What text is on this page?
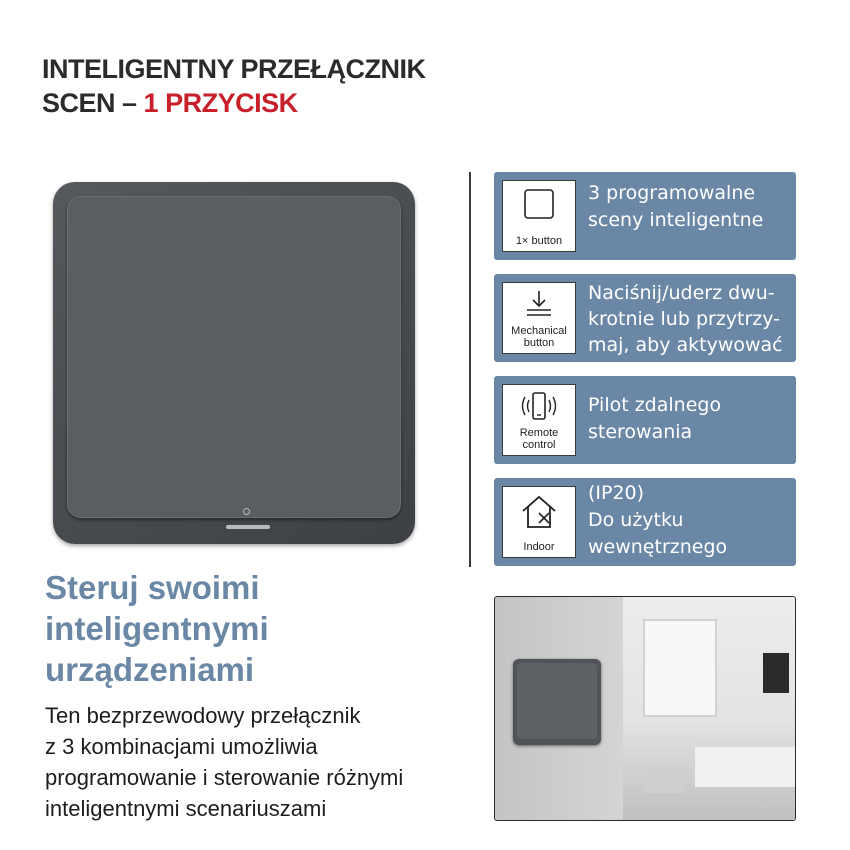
INTELIGENTNY PRZEŁĄCZNIK
SCEN – 1 PRZYCISK
1× button
3 programowalne
sceny inteligentne
Mechanical
button
Naciśnij/uderz dwu-
krotnie lub przytrzy-
maj, aby aktywować
Remote
control
Pilot zdalnego
sterowania
Indoor
(IP20)
Do użytku
wewnętrznego
Steruj swoimi
inteligentnymi
urządzeniami

Ten bezprzewodowy przełącznik
z 3 kombinacjami umożliwia
programowanie i sterowanie różnymi
inteligentnymi scenariuszami
